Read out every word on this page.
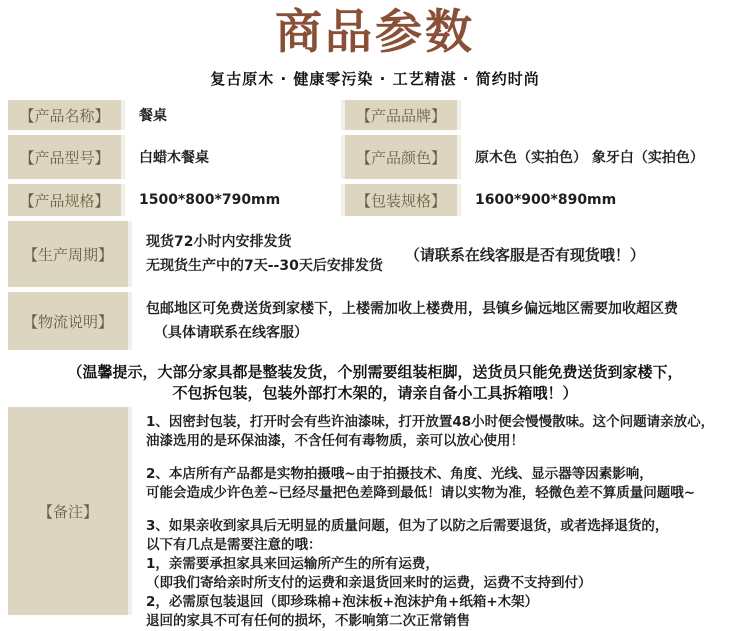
商品参数
复古原木 · 健康零污染 · 工艺精湛 · 简约时尚
【产品名称】	餐桌	【产品品牌】
【产品型号】	白蜡木餐桌	【产品颜色】	原木色（实拍色） 象牙白（实拍色）
【产品规格】	1500*800*790mm	【包装规格】	1600*900*890mm
【生产周期】
现货72小时内安排发货
无现货生产中的7天--30天后安排发货
（请联系在线客服是否有现货哦！）
【物流说明】
包邮地区可免费送货到家楼下，上楼需加收上楼费用，县镇乡偏远地区需要加收超区费
（具体请联系在线客服）
（温馨提示，大部分家具都是整装发货，个别需要组装柜脚，送货员只能免费送货到家楼下，
不包拆包装，包装外部打木架的，请亲自备小工具拆箱哦！）
【备注】
1、因密封包装，打开时会有些许油漆味，打开放置48小时便会慢慢散味。这个问题请亲放心，
油漆选用的是环保油漆，不含任何有毒物质，亲可以放心使用！
2、本店所有产品都是实物拍摄哦~由于拍摄技术、角度、光线、显示器等因素影响，
可能会造成少许色差~已经尽量把色差降到最低！请以实物为准，轻微色差不算质量问题哦~
3、如果亲收到家具后无明显的质量问题，但为了以防之后需要退货，或者选择退货的，
以下有几点是需要注意的哦：
1，亲需要承担家具来回运输所产生的所有运费，
（即我们寄给亲时所支付的运费和亲退货回来时的运费，运费不支持到付）
2，必需原包装退回（即珍珠棉+泡沫板+泡沫护角+纸箱+木架）
退回的家具不可有任何的损坏，不影响第二次正常销售
